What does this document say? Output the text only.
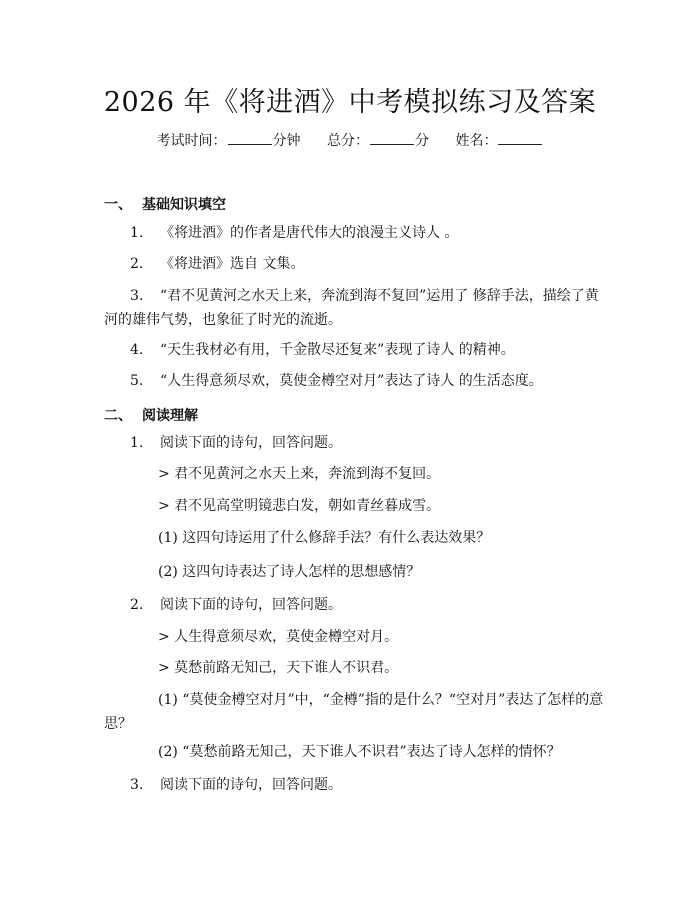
2026 年《将进酒》中考模拟练习及答案
考试时间：	分钟 总分：	分 姓名：
一、 基础知识填空
1. 《将进酒》的作者是唐代伟大的浪漫主义诗人 。
2. 《将进酒》选自 文集。
3. “君不见黄河之水天上来，奔流到海不复回”运用了 修辞手法，描绘了黄河的雄伟气势，也象征了时光的流逝。
4. “天生我材必有用，千金散尽还复来”表现了诗人 的精神。
5. “人生得意须尽欢，莫使金樽空对月”表达了诗人 的生活态度。
二、 阅读理解
1. 阅读下面的诗句，回答问题。
> 君不见黄河之水天上来，奔流到海不复回。
> 君不见高堂明镜悲白发，朝如青丝暮成雪。
(1) 这四句诗运用了什么修辞手法？有什么表达效果？
(2) 这四句诗表达了诗人怎样的思想感情？
2. 阅读下面的诗句，回答问题。
> 人生得意须尽欢，莫使金樽空对月。
> 莫愁前路无知己，天下谁人不识君。
(1) “莫使金樽空对月”中，“金樽”指的是什么？“空对月”表达了怎样的意思？
(2) “莫愁前路无知己，天下谁人不识君”表达了诗人怎样的情怀？
3. 阅读下面的诗句，回答问题。
